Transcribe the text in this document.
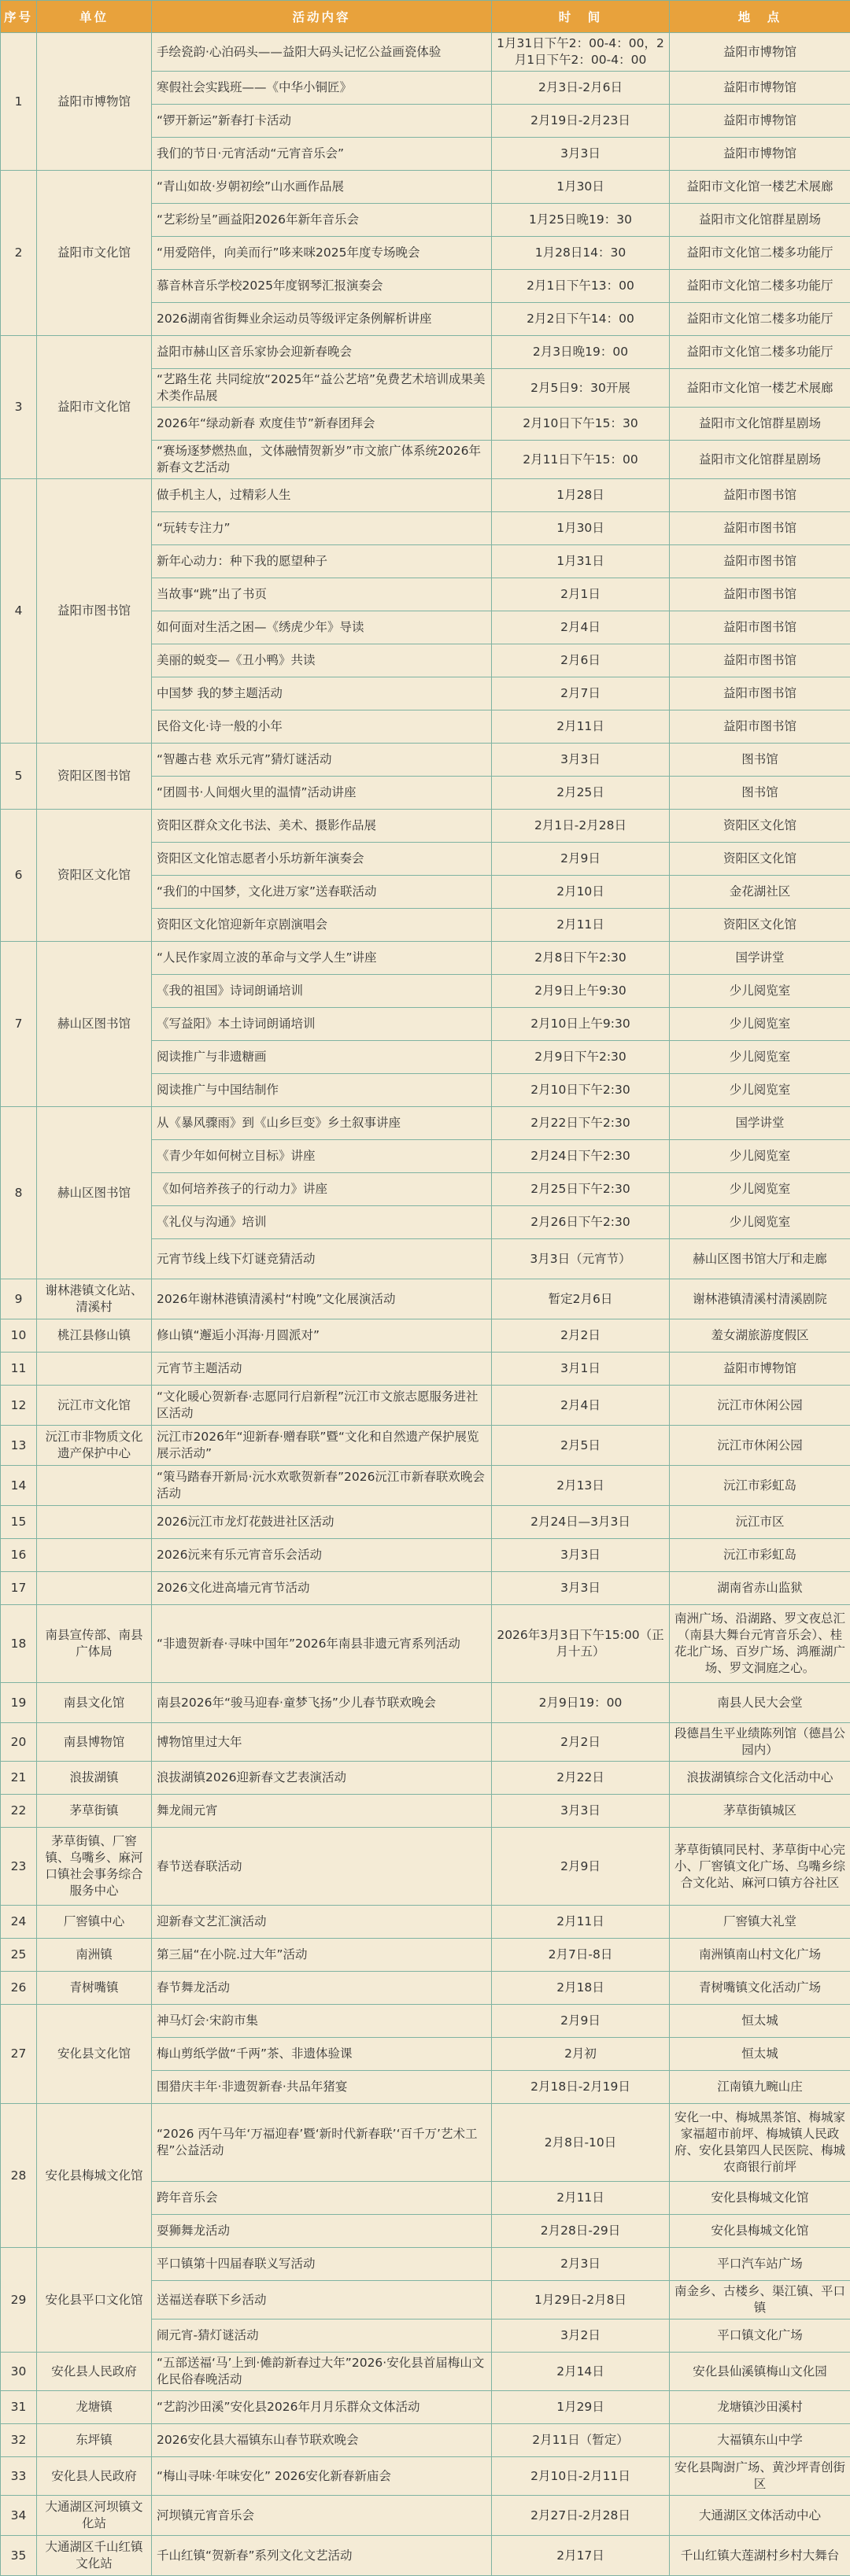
序号	单位	活动内容	时　间	地　点
1	益阳市博物馆	手绘瓷韵·心泊码头——益阳大码头记忆公益画瓷体验	1月31日下午2：00-4：00，2月1日下午2：00-4：00	益阳市博物馆
		寒假社会实践班——《中华小铜匠》	2月3日-2月6日	益阳市博物馆
		“锣开新运”新春打卡活动	2月19日-2月23日	益阳市博物馆
		我们的节日·元宵活动“元宵音乐会”	3月3日	益阳市博物馆
2	益阳市文化馆	“青山如故·岁朝初绘”山水画作品展	1月30日	益阳市文化馆一楼艺术展廊
		“艺彩纷呈”画益阳2026年新年音乐会	1月25日晚19：30	益阳市文化馆群星剧场
		“用爱陪伴，向美而行”哆来咪2025年度专场晚会	1月28日14：30	益阳市文化馆二楼多功能厅
		慕音林音乐学校2025年度钢琴汇报演奏会	2月1日下午13：00	益阳市文化馆二楼多功能厅
		2026湖南省街舞业余运动员等级评定条例解析讲座	2月2日下午14：00	益阳市文化馆二楼多功能厅
3	益阳市文化馆	益阳市赫山区音乐家协会迎新春晚会	2月3日晚19：00	益阳市文化馆二楼多功能厅
		“艺路生花 共同绽放“2025年“益公艺培”免费艺术培训成果美术类作品展	2月5日9：30开展	益阳市文化馆一楼艺术展廊
		2026年“绿动新春 欢度佳节”新春团拜会	2月10日下午15：30	益阳市文化馆群星剧场
		“赛场逐梦燃热血，文体融情贺新岁”市文旅广体系统2026年新春文艺活动	2月11日下午15：00	益阳市文化馆群星剧场
4	益阳市图书馆	做手机主人，过精彩人生	1月28日	益阳市图书馆
		“玩转专注力”	1月30日	益阳市图书馆
		新年心动力：种下我的愿望种子	1月31日	益阳市图书馆
		当故事“跳”出了书页	2月1日	益阳市图书馆
		如何面对生活之困—《绣虎少年》导读	2月4日	益阳市图书馆
		美丽的蜕变—《丑小鸭》共读	2月6日	益阳市图书馆
		中国梦 我的梦主题活动	2月7日	益阳市图书馆
		民俗文化·诗一般的小年	2月11日	益阳市图书馆
5	资阳区图书馆	“智趣古巷 欢乐元宵”猜灯谜活动	3月3日	图书馆
		“团圆书·人间烟火里的温情”活动讲座	2月25日	图书馆
6	资阳区文化馆	资阳区群众文化书法、美术、摄影作品展	2月1日-2月28日	资阳区文化馆
		资阳区文化馆志愿者小乐坊新年演奏会	2月9日	资阳区文化馆
		“我们的中国梦，文化进万家”送春联活动	2月10日	金花湖社区
		资阳区文化馆迎新年京剧演唱会	2月11日	资阳区文化馆
7	赫山区图书馆	“人民作家周立波的革命与文学人生”讲座	2月8日下午2:30	国学讲堂
		《我的祖国》诗词朗诵培训	2月9日上午9:30	少儿阅览室
		《写益阳》本土诗词朗诵培训	2月10日上午9:30	少儿阅览室
		阅读推广与非遗糖画	2月9日下午2:30	少儿阅览室
		阅读推广与中国结制作	2月10日下午2:30	少儿阅览室
8	赫山区图书馆	从《暴风骤雨》到《山乡巨变》乡土叙事讲座	2月22日下午2:30	国学讲堂
		《青少年如何树立目标》讲座	2月24日下午2:30	少儿阅览室
		《如何培养孩子的行动力》讲座	2月25日下午2:30	少儿阅览室
		《礼仪与沟通》培训	2月26日下午2:30	少儿阅览室
		元宵节线上线下灯谜竞猜活动	3月3日（元宵节）	赫山区图书馆大厅和走廊
9	谢林港镇文化站、清溪村	2026年谢林港镇清溪村“村晚”文化展演活动	暂定2月6日	谢林港镇清溪村清溪剧院
10	桃江县修山镇	修山镇“邂逅小洱海·月圆派对”	2月2日	羞女湖旅游度假区
11		元宵节主题活动	3月1日	益阳市博物馆
12	沅江市文化馆	“文化暖心贺新春·志愿同行启新程”沅江市文旅志愿服务进社区活动	2月4日	沅江市休闲公园
13	沅江市非物质文化遗产保护中心	沅江市2026年“迎新春·赠春联”暨“文化和自然遗产保护展览展示活动”	2月5日	沅江市休闲公园
14		“策马踏春开新局·沅水欢歌贺新春”2026沅江市新春联欢晚会活动	2月13日	沅江市彩虹岛
15		2026沅江市龙灯花鼓进社区活动	2月24日—3月3日	沅江市区
16		2026沅来有乐元宵音乐会活动	3月3日	沅江市彩虹岛
17		2026文化进高墙元宵节活动	3月3日	湖南省赤山监狱
18	南县宣传部、南县广体局	“非遗贺新春·寻味中国年”2026年南县非遗元宵系列活动	2026年3月3日下午15:00（正月十五）	南洲广场、沿湖路、罗文夜总汇（南县大舞台元宵音乐会）、桂花北广场、百岁广场、鸿雁湖广场、罗文洞庭之心。
19	南县文化馆	南县2026年“骏马迎春·童梦飞扬”少儿春节联欢晚会	2月9日19：00	南县人民大会堂
20	南县博物馆	博物馆里过大年	2月2日	段德昌生平业绩陈列馆（德昌公园内）
21	浪拔湖镇	浪拔湖镇2026迎新春文艺表演活动	2月22日	浪拔湖镇综合文化活动中心
22	茅草街镇	舞龙闹元宵	3月3日	茅草街镇城区
23	茅草街镇、厂窖镇、乌嘴乡、麻河口镇社会事务综合服务中心	春节送春联活动	2月9日	茅草街镇同民村、茅草街中心完小、厂窖镇文化广场、乌嘴乡综合文化站、麻河口镇方谷社区
24	厂窖镇中心	迎新春文艺汇演活动	2月11日	厂窖镇大礼堂
25	南洲镇	第三届“在小院.过大年”活动	2月7日-8日	南洲镇南山村文化广场
26	青树嘴镇	春节舞龙活动	2月18日	青树嘴镇文化活动广场
27	安化县文化馆	神马灯会·宋韵市集	2月9日	恒太城
		梅山剪纸学做“千两”茶、非遗体验课	2月初	恒太城
		围猎庆丰年·非遗贺新春·共品年猪宴	2月18日-2月19日	江南镇九畹山庄
28	安化县梅城文化馆	“2026 丙午马年‘万福迎春’暨‘新时代新春联’‘百千万’艺术工程”公益活动	2月8日-10日	安化一中、梅城黑茶馆、梅城家家福超市前坪、梅城镇人民政府、安化县第四人民医院、梅城农商银行前坪
		跨年音乐会	2月11日	安化县梅城文化馆
		耍狮舞龙活动	2月28日-29日	安化县梅城文化馆
29	安化县平口文化馆	平口镇第十四届春联义写活动	2月3日	平口汽车站广场
		送福送春联下乡活动	1月29日-2月8日	南金乡、古楼乡、渠江镇、平口镇
		闹元宵-猜灯谜活动	3月2日	平口镇文化广场
30	安化县人民政府	“五部送福‘马’上到·傩韵新春过大年”2026·安化县首届梅山文化民俗春晚活动	2月14日	安化县仙溪镇梅山文化园
31	龙塘镇	“艺韵沙田溪”安化县2026年月月乐群众文体活动	1月29日	龙塘镇沙田溪村
32	东坪镇	2026安化县大福镇东山春节联欢晚会	2月11日（暂定）	大福镇东山中学
33	安化县人民政府	“梅山寻味·年味安化” 2026安化新春新庙会	2月10日-2月11日	安化县陶澍广场、黄沙坪青创街区
34	大通湖区河坝镇文化站	河坝镇元宵音乐会	2月27日-2月28日	大通湖区文体活动中心
35	大通湖区千山红镇文化站	千山红镇“贺新春”系列文化文艺活动	2月17日	千山红镇大莲湖村乡村大舞台
